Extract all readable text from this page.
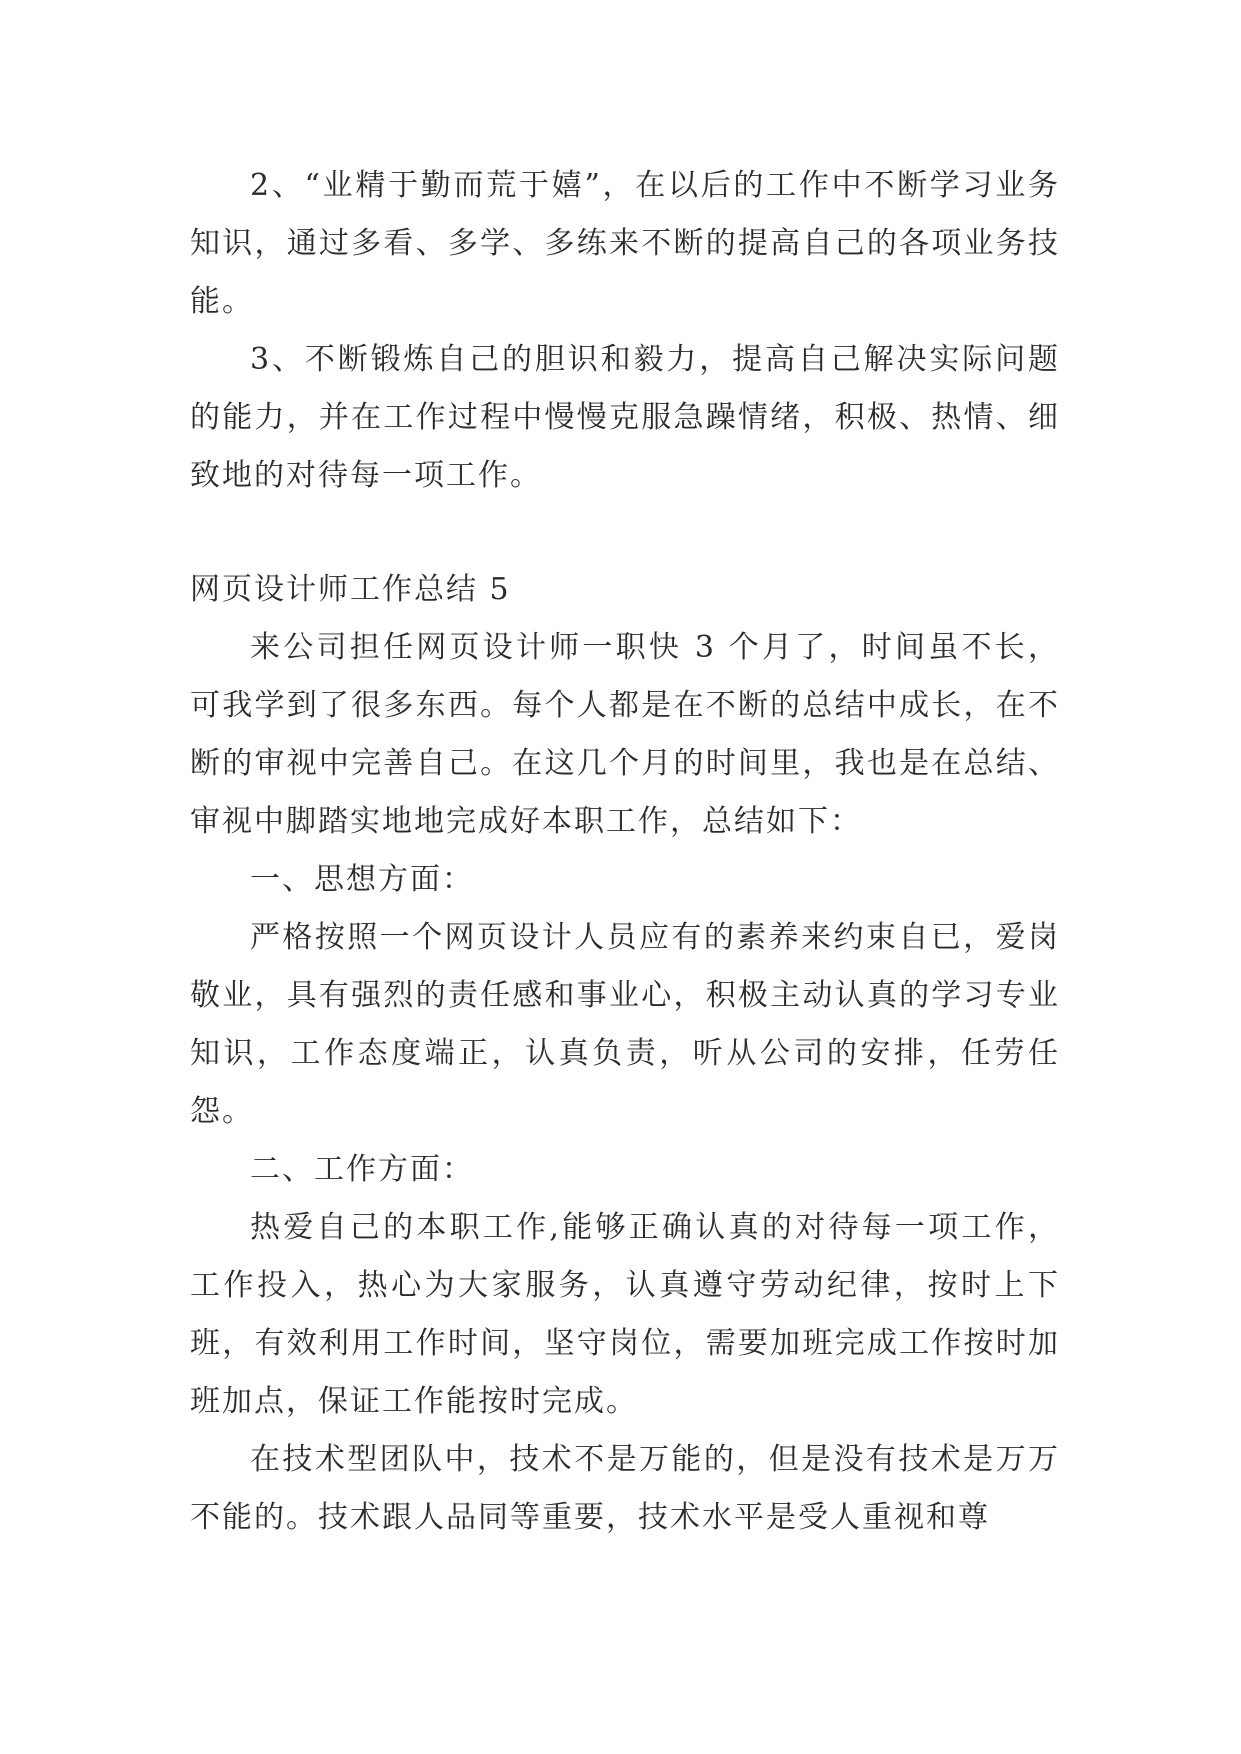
2、“业精于勤而荒于嬉”，在以后的工作中不断学习业务知识，通过多看、多学、多练来不断的提高自己的各项业务技能。

3、不断锻炼自己的胆识和毅力，提高自己解决实际问题的能力，并在工作过程中慢慢克服急躁情绪，积极、热情、细致地的对待每一项工作。

网页设计师工作总结 5

来公司担任网页设计师一职快 3 个月了，时间虽不长，可我学到了很多东西。每个人都是在不断的总结中成长，在不断的审视中完善自己。在这几个月的时间里，我也是在总结、审视中脚踏实地地完成好本职工作，总结如下：

一、思想方面：

严格按照一个网页设计人员应有的素养来约束自已，爱岗敬业，具有强烈的责任感和事业心，积极主动认真的学习专业知识，工作态度端正，认真负责，听从公司的安排，任劳任怨。

二、工作方面：

热爱自己的本职工作,能够正确认真的对待每一项工作，工作投入，热心为大家服务，认真遵守劳动纪律，按时上下班，有效利用工作时间，坚守岗位，需要加班完成工作按时加班加点，保证工作能按时完成。

在技术型团队中，技术不是万能的，但是没有技术是万万不能的。技术跟人品同等重要，技术水平是受人重视和尊
